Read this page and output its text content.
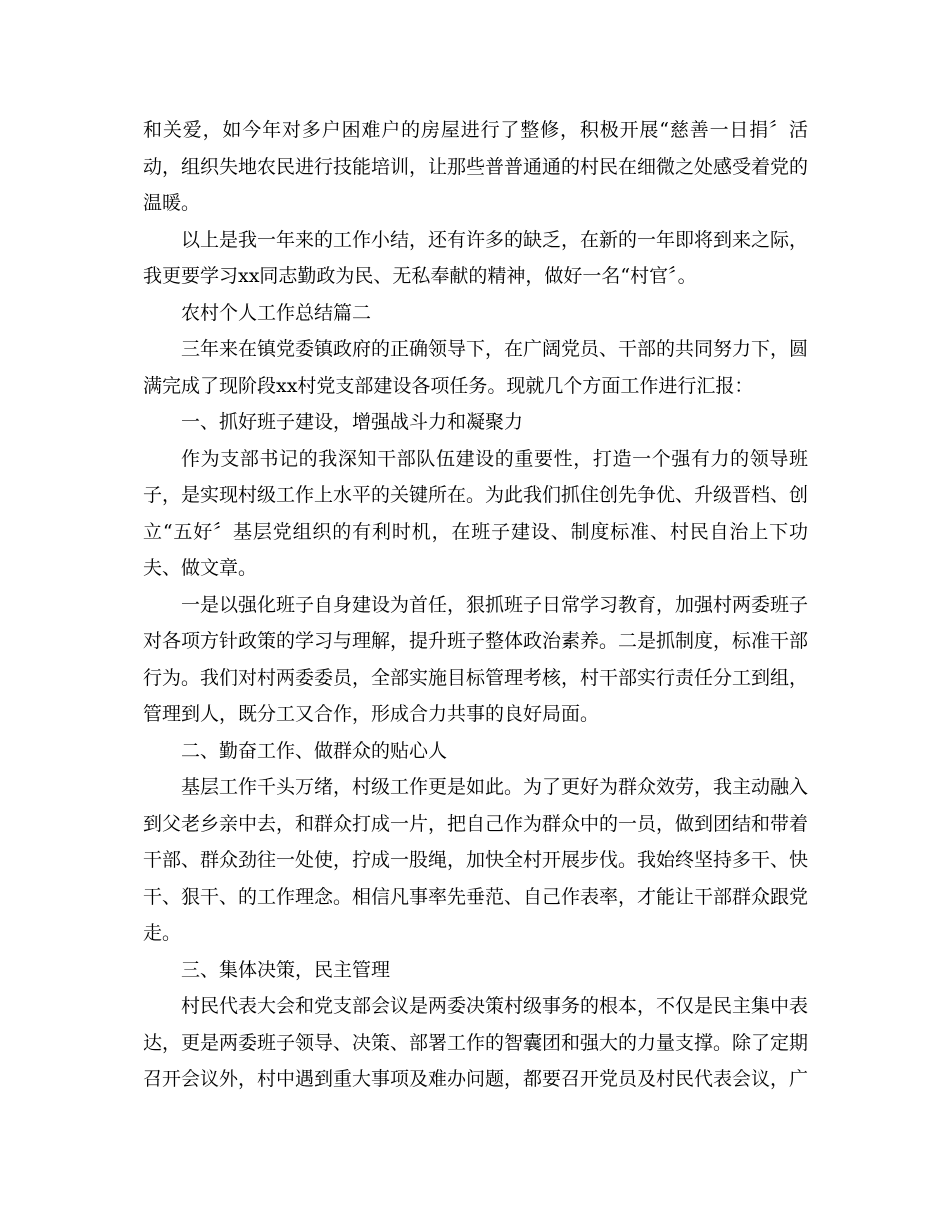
和关爱，如今年对多户困难户的房屋进行了整修，积极开展“慈善一日捐〞活动，组织失地农民进行技能培训，让那些普普通通的村民在细微之处感受着党的温暖。

以上是我一年来的工作小结，还有许多的缺乏，在新的一年即将到来之际，我更要学习xx同志勤政为民、无私奉献的精神，做好一名“村官〞。

农村个人工作总结篇二

三年来在镇党委镇政府的正确领导下，在广阔党员、干部的共同努力下，圆满完成了现阶段xx村党支部建设各项任务。现就几个方面工作进行汇报：

一、抓好班子建设，增强战斗力和凝聚力

作为支部书记的我深知干部队伍建设的重要性，打造一个强有力的领导班子，是实现村级工作上水平的关键所在。为此我们抓住创先争优、升级晋档、创立“五好〞基层党组织的有利时机，在班子建设、制度标准、村民自治上下功夫、做文章。

一是以强化班子自身建设为首任，狠抓班子日常学习教育，加强村两委班子对各项方针政策的学习与理解，提升班子整体政治素养。二是抓制度，标准干部行为。我们对村两委委员，全部实施目标管理考核，村干部实行责任分工到组，管理到人，既分工又合作，形成合力共事的良好局面。

二、勤奋工作、做群众的贴心人

基层工作千头万绪，村级工作更是如此。为了更好为群众效劳，我主动融入到父老乡亲中去，和群众打成一片，把自己作为群众中的一员，做到团结和带着干部、群众劲往一处使，拧成一股绳，加快全村开展步伐。我始终坚持多干、快干、狠干、的工作理念。相信凡事率先垂范、自己作表率，才能让干部群众跟党走。

三、集体决策，民主管理

村民代表大会和党支部会议是两委决策村级事务的根本，不仅是民主集中表达，更是两委班子领导、决策、部署工作的智囊团和强大的力量支撑。除了定期召开会议外，村中遇到重大事项及难办问题，都要召开党员及村民代表会议，广
